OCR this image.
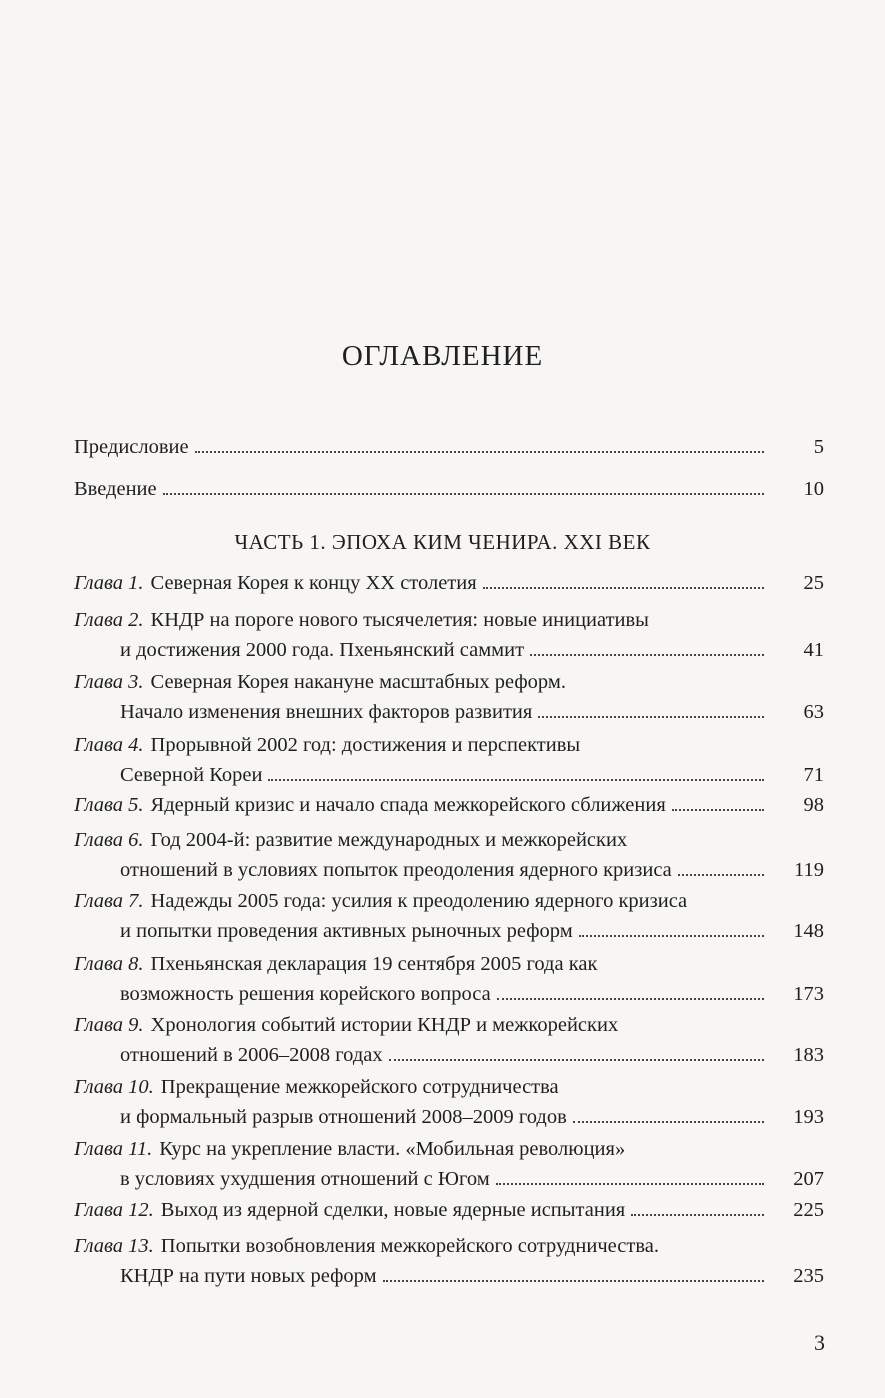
ОГЛАВЛЕНИЕ
Предисловие	5
Введение	10
ЧАСТЬ 1. ЭПОХА КИМ ЧЕНИРА. XXI ВЕК
Глава 1. Северная Корея к концу XX столетия	25
Глава 2. КНДР на пороге нового тысячелетия: новые инициативы
и достижения 2000 года. Пхеньянский саммит	41
Глава 3. Северная Корея накануне масштабных реформ.
Начало изменения внешних факторов развития	63
Глава 4. Прорывной 2002 год: достижения и перспективы
Северной Кореи	71
Глава 5. Ядерный кризис и начало спада межкорейского сближения	98
Глава 6. Год 2004-й: развитие международных и межкорейских
отношений в условиях попыток преодоления ядерного кризиса	119
Глава 7. Надежды 2005 года: усилия к преодолению ядерного кризиса
и попытки проведения активных рыночных реформ	148
Глава 8. Пхеньянская декларация 19 сентября 2005 года как
возможность решения корейского вопроса	173
Глава 9. Хронология событий истории КНДР и межкорейских
отношений в 2006–2008 годах	183
Глава 10. Прекращение межкорейского сотрудничества
и формальный разрыв отношений 2008–2009 годов	193
Глава 11. Курс на укрепление власти. «Мобильная революция»
в условиях ухудшения отношений с Югом	207
Глава 12. Выход из ядерной сделки, новые ядерные испытания	225
Глава 13. Попытки возобновления межкорейского сотрудничества.
КНДР на пути новых реформ	235
3
